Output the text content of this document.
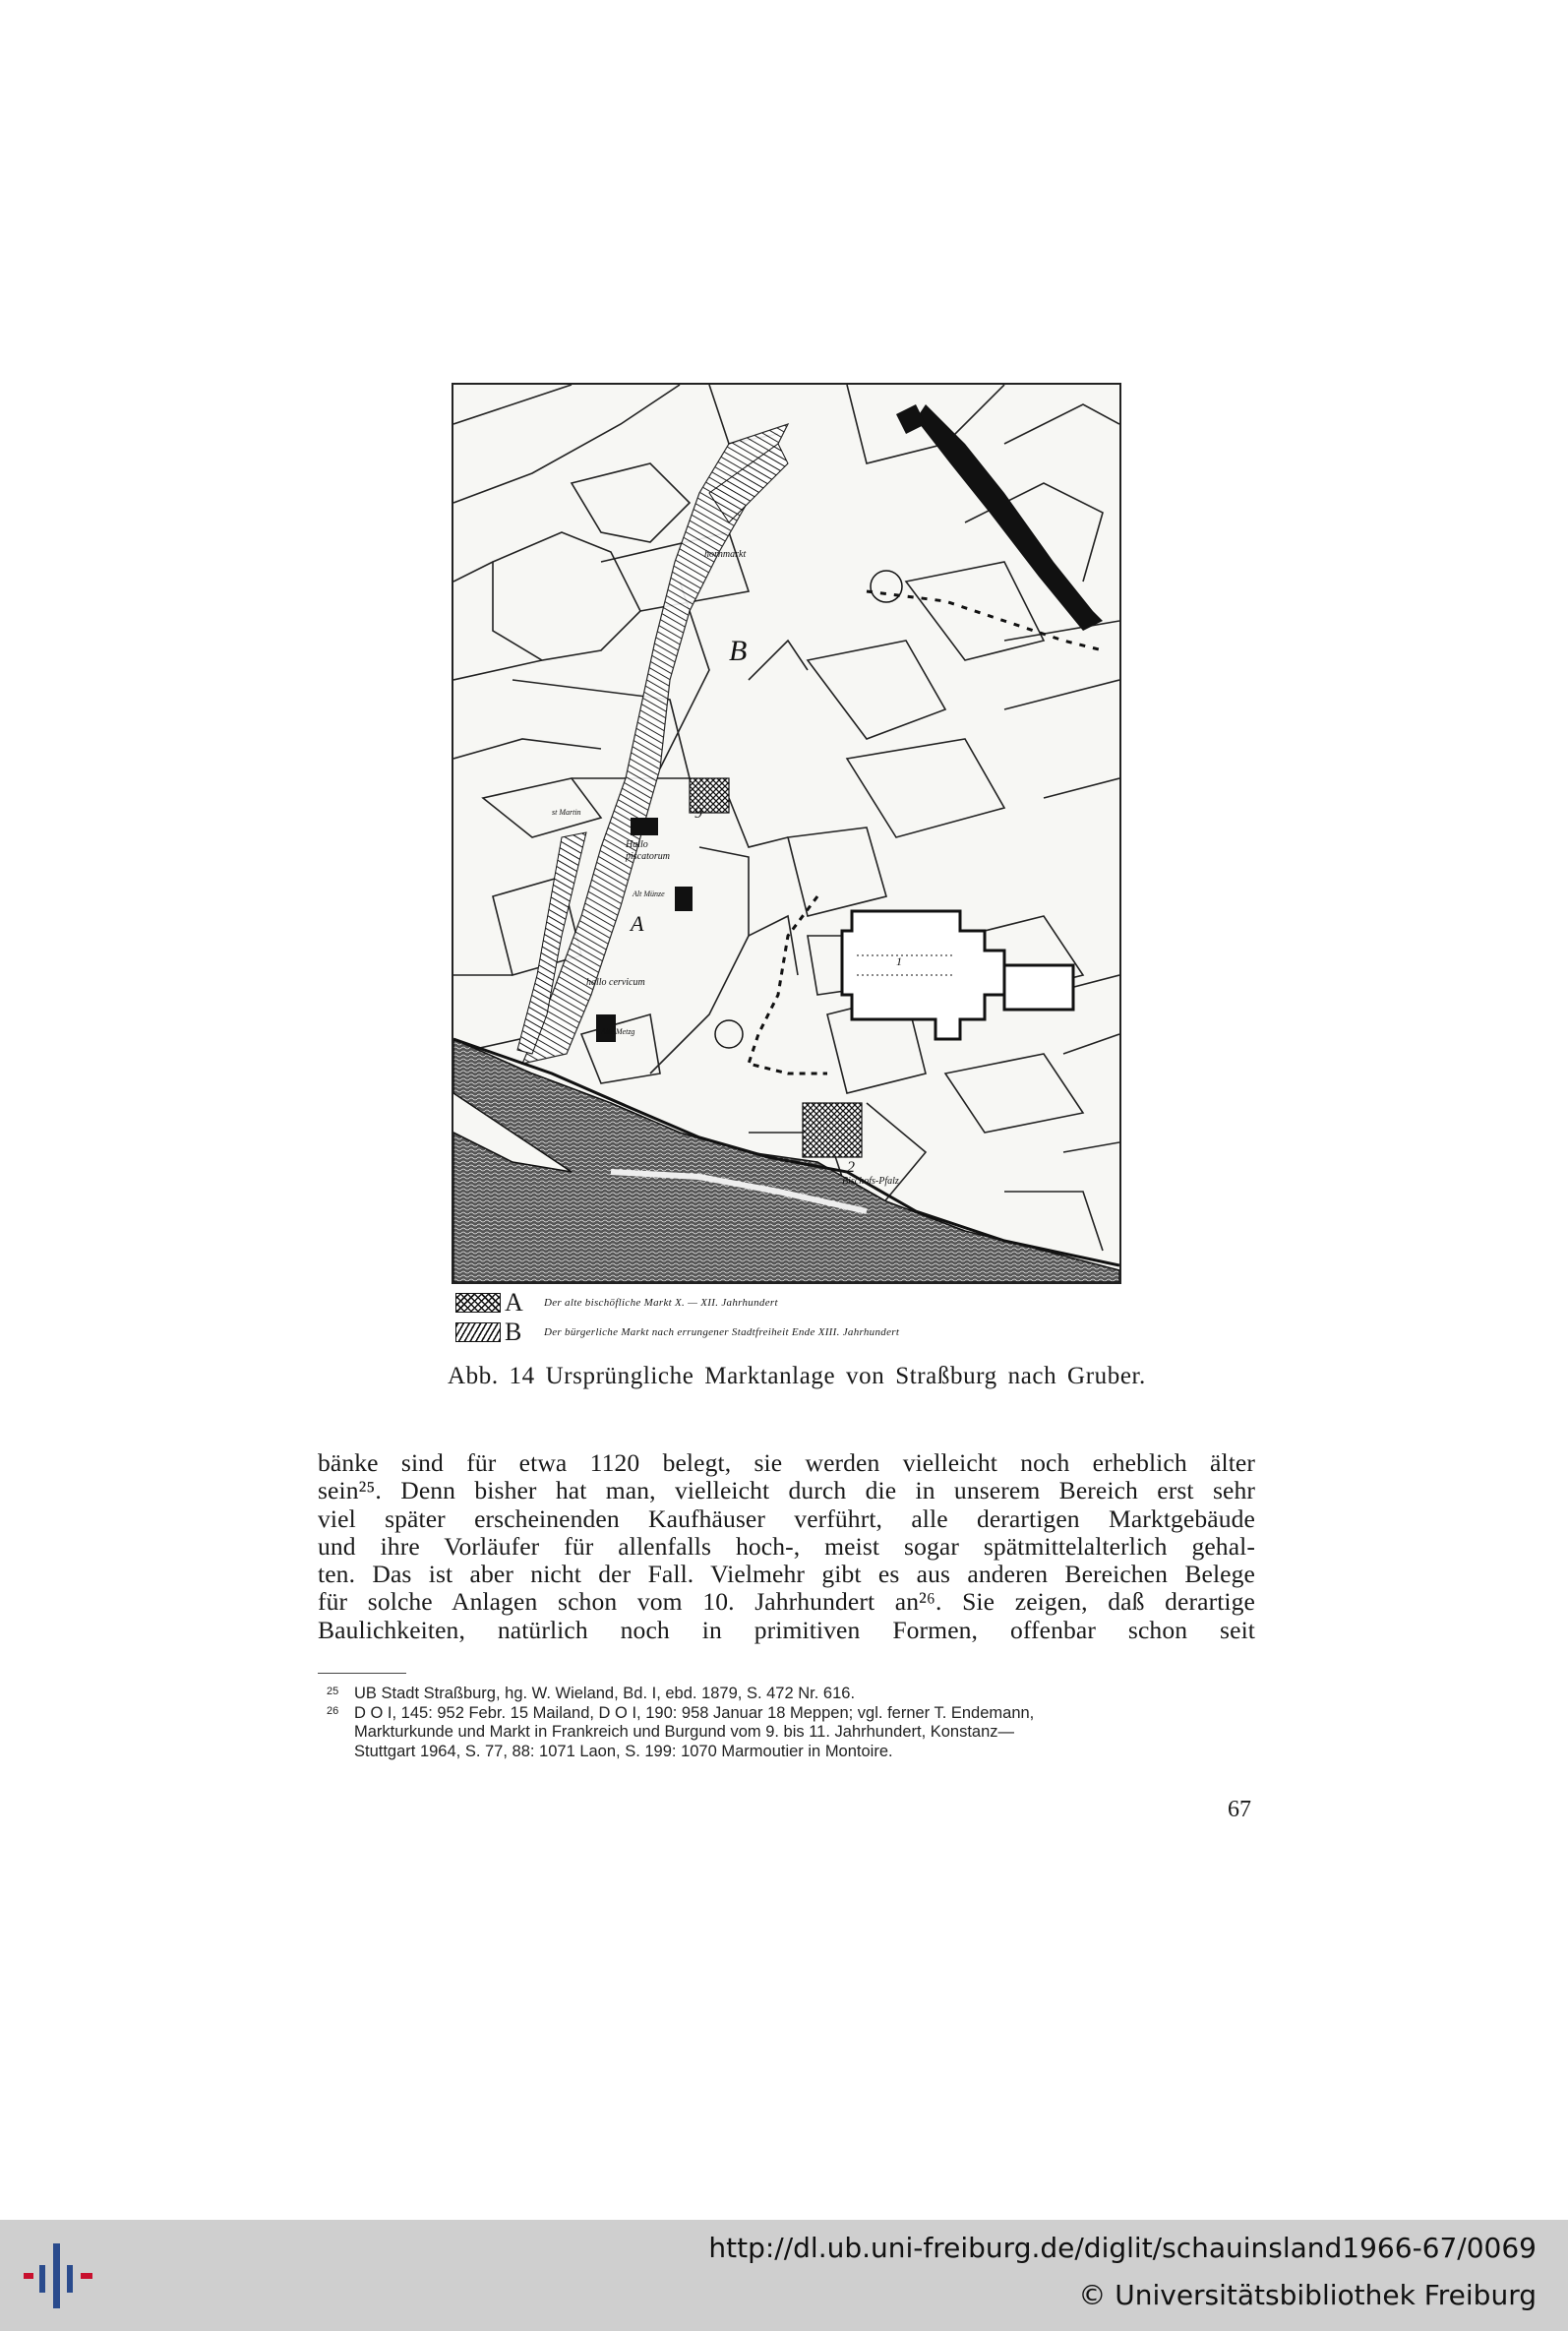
B
hornmarkt
Hallo
piscatorum
st Martin
A
Alt Münze
hallo cervicum
Alte Metzg
9
1
2
Bischofs-Pfalz
A	Der alte bischöfliche Markt X. — XII. Jahrhundert
B	Der bürgerliche Markt nach errungener Stadtfreiheit Ende XIII. Jahrhundert
Abb. 14 Ursprüngliche Marktanlage von Straßburg nach Gruber.

bänke sind für etwa 1120 belegt, sie werden vielleicht noch erheblich älter

sein²⁵. Denn bisher hat man, vielleicht durch die in unserem Bereich erst sehr

viel später erscheinenden Kaufhäuser verführt, alle derartigen Marktgebäude

und ihre Vorläufer für allenfalls hoch-, meist sogar spätmittelalterlich gehal-

ten. Das ist aber nicht der Fall. Vielmehr gibt es aus anderen Bereichen Belege

für solche Anlagen schon vom 10. Jahrhundert an²⁶. Sie zeigen, daß derartige

Baulichkeiten, natürlich noch in primitiven Formen, offenbar schon seit

25 UB Stadt Straßburg, hg. W. Wieland, Bd. I, ebd. 1879, S. 472 Nr. 616.

26 D O I, 145: 952 Febr. 15 Mailand, D O I, 190: 958 Januar 18 Meppen; vgl. ferner T. Endemann,

Markturkunde und Markt in Frankreich und Burgund vom 9. bis 11. Jahrhundert, Konstanz—

Stuttgart 1964, S. 77, 88: 1071 Laon, S. 199: 1070 Marmoutier in Montoire.

67
http://dl.ub.uni-freiburg.de/diglit/schauinsland1966-67/0069
© Universitätsbibliothek Freiburg
